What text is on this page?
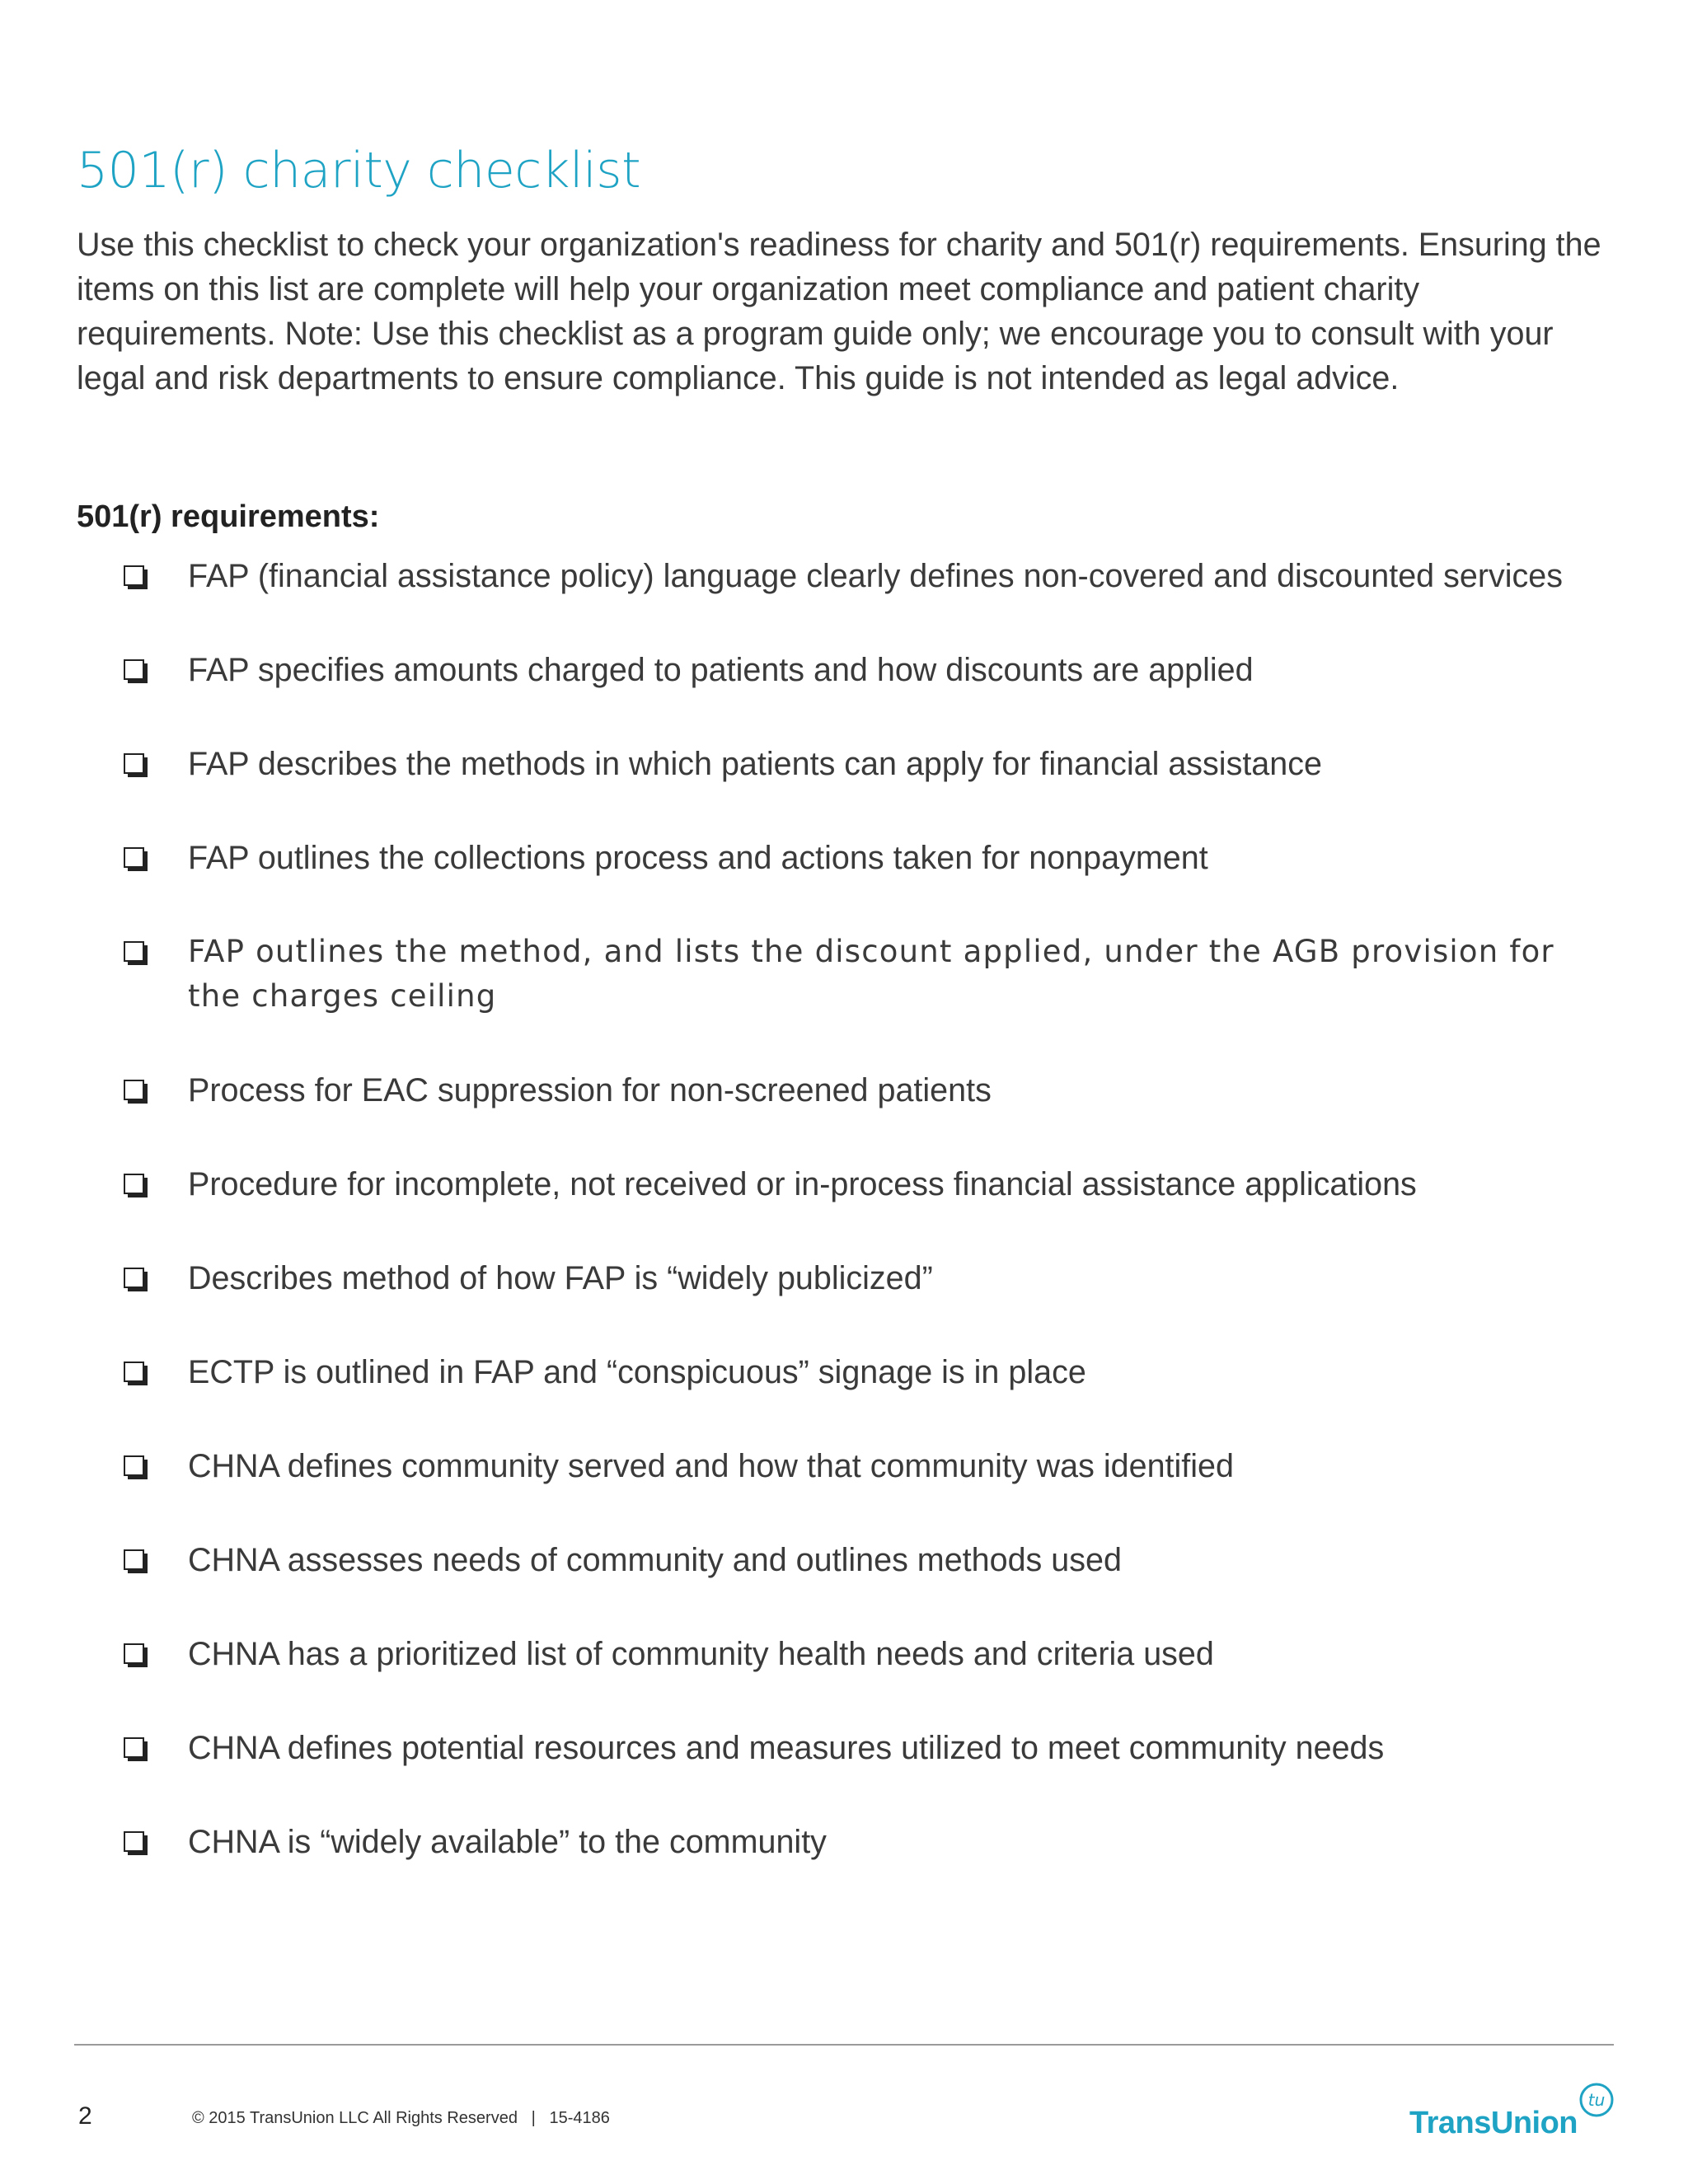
501(r) charity checklist

Use this checklist to check your organization's readiness for charity and 501(r) requirements. Ensuring the items on this list are complete will help your organization meet compliance and patient charity requirements. Note: Use this checklist as a program guide only; we encourage you to consult with your legal and risk departments to ensure compliance. This guide is not intended as legal advice.

501(r) requirements:
FAP (financial assistance policy) language clearly defines non-covered and discounted services
FAP specifies amounts charged to patients and how discounts are applied
FAP describes the methods in which patients can apply for financial assistance
FAP outlines the collections process and actions taken for nonpayment
FAP outlines the method, and lists the discount applied, under the AGB provision for the charges ceiling
Process for EAC suppression for non-screened patients
Procedure for incomplete, not received or in-process financial assistance applications
Describes method of how FAP is “widely publicized”
ECTP is outlined in FAP and “conspicuous” signage is in place
CHNA defines community served and how that community was identified
CHNA assesses needs of community and outlines methods used
CHNA has a prioritized list of community health needs and criteria used
CHNA defines potential resources and measures utilized to meet community needs
CHNA is “widely available” to the community
2	© 2015 TransUnion LLC All Rights Reserved   |   15-4186	TransUnion
tu
